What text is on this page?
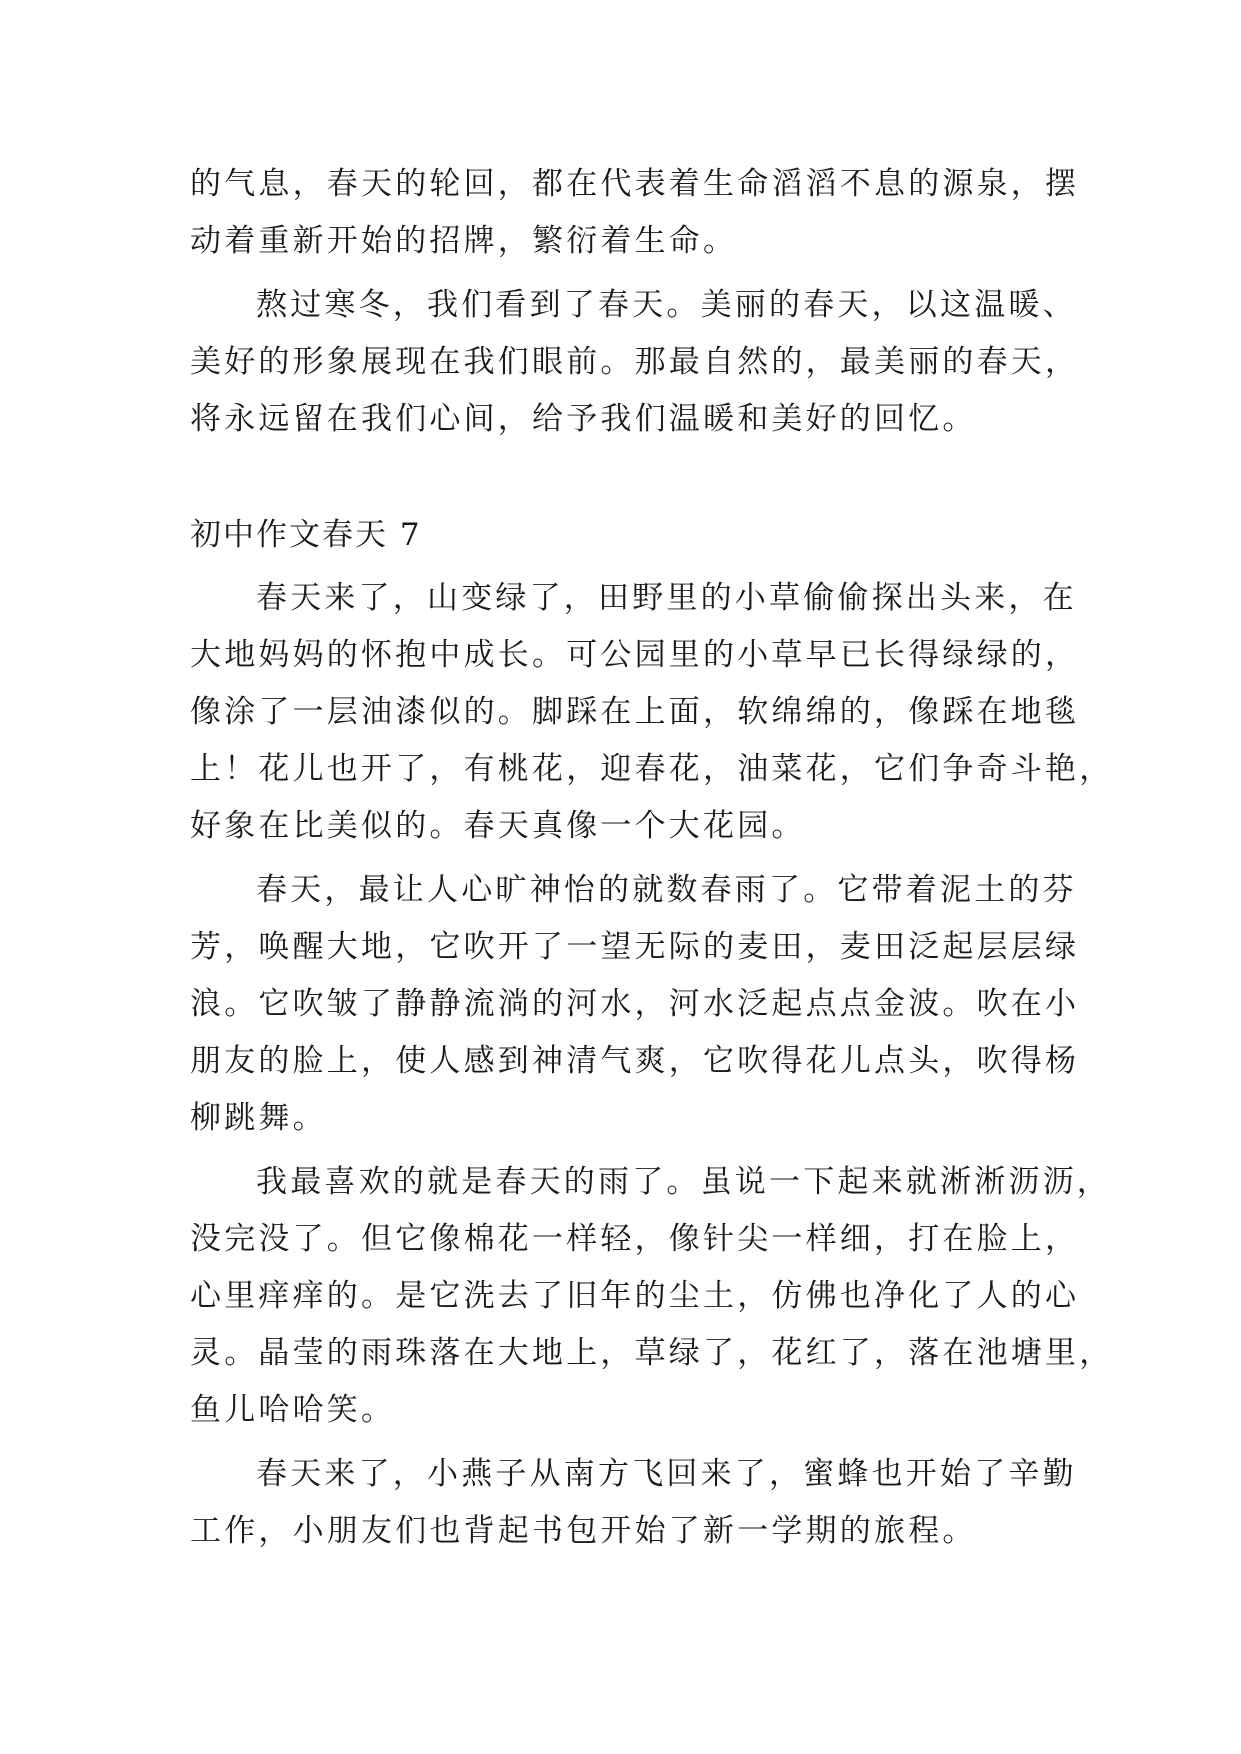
的气息，春天的轮回，都在代表着生命滔滔不息的源泉，摆

动着重新开始的招牌，繁衍着生命。

熬过寒冬，我们看到了春天。美丽的春天，以这温暖、

美好的形象展现在我们眼前。那最自然的，最美丽的春天，

将永远留在我们心间，给予我们温暖和美好的回忆。

初中作文春天 7

春天来了，山变绿了，田野里的小草偷偷探出头来，在

大地妈妈的怀抱中成长。可公园里的小草早已长得绿绿的，

像涂了一层油漆似的。脚踩在上面，软绵绵的，像踩在地毯

上！花儿也开了，有桃花，迎春花，油菜花，它们争奇斗艳，

好象在比美似的。春天真像一个大花园。

春天，最让人心旷神怡的就数春雨了。它带着泥土的芬

芳，唤醒大地，它吹开了一望无际的麦田，麦田泛起层层绿

浪。它吹皱了静静流淌的河水，河水泛起点点金波。吹在小

朋友的脸上，使人感到神清气爽，它吹得花儿点头，吹得杨

柳跳舞。

我最喜欢的就是春天的雨了。虽说一下起来就淅淅沥沥，

没完没了。但它像棉花一样轻，像针尖一样细，打在脸上，

心里痒痒的。是它洗去了旧年的尘土，仿佛也净化了人的心

灵。晶莹的雨珠落在大地上，草绿了，花红了，落在池塘里，

鱼儿哈哈笑。

春天来了，小燕子从南方飞回来了，蜜蜂也开始了辛勤

工作，小朋友们也背起书包开始了新一学期的旅程。
